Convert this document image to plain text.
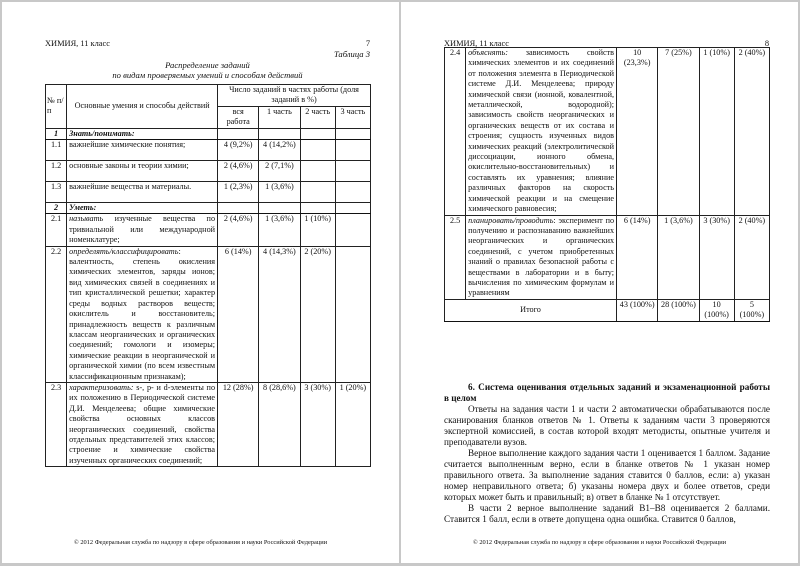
ХИМИЯ, 11 класс	7
Таблица 3
Распределение заданий
по видам проверяемых умений и способам действий
№ п/п	Основные умения и способы действий	Число заданий в частях работы (доля заданий в %)			
		вся работа	1 часть	2 часть	3 часть
1	Знать/понимать:				
1.1	важнейшие химические понятия;	4 (9,2%)	4 (14,2%)		
1.2	основные законы и теории химии;	2 (4,6%)	2 (7,1%)		
1.3	важнейшие вещества и материалы.	1 (2,3%)	1 (3,6%)		
2	Уметь:				
2.1	называть изученные вещества по тривиальной или международной номенклатуре;	2 (4,6%)	1 (3,6%)	1 (10%)	
2.2	определять/классифицировать: валентность, степень окисления химических элементов, заряды ионов; вид химических связей в соединениях и тип кристаллической решетки; характер среды водных растворов веществ; окислитель и восстановитель; принадлежность веществ к различным классам неорганических и органических соединений; гомологи и изомеры; химические реакции в неорганической и органической химии (по всем известным классификационным признакам);	6 (14%)	4 (14,3%)	2 (20%)	
2.3	характеризовать: s-, p- и d-элементы по их положению в Периодической системе Д.И. Менделеева; общие химические свойства основных классов неорганических соединений, свойства отдельных представителей этих классов; строение и химические свойства изученных органических соединений;	12 (28%)	8 (28,6%)	3 (30%)	1 (20%)
© 2012 Федеральная служба по надзору в сфере образования и науки Российской Федерации
ХИМИЯ, 11 класс	8
2.4	объяснять: зависимость свойств химических элементов и их соединений от положения элемента в Периодической системе Д.И. Менделеева; природу химической связи (ионной, ковалентной, металлической, водородной); зависимость свойств неорганических и органических веществ от их состава и строения; сущность изученных видов химических реакций (электролитической диссоциации, ионного обмена, окислительно-восстановительных) и составлять их уравнения; влияние различных факторов на скорость химической реакции и на смещение химического равновесия;	10 (23,3%)	7 (25%)	1 (10%)	2 (40%)
2.5	планировать/проводить: эксперимент по получению и распознаванию важнейших неорганических и органических соединений, с учетом приобретенных знаний о правилах безопасной работы с веществами в лаборатории и в быту; вычисления по химическим формулам и уравнениям	6 (14%)	1 (3,6%)	3 (30%)	2 (40%)
Итого		43 (100%)	28 (100%)	10 (100%)	5 (100%)
6. Система оценивания отдельных заданий и экзаменационной работы в целом

Ответы на задания части 1 и части 2 автоматически обрабатываются после сканирования бланков ответов № 1. Ответы к заданиям части 3 проверяются экспертной комиссией, в состав которой входят методисты, опытные учителя и преподаватели вузов.

Верное выполнение каждого задания части 1 оценивается 1 баллом. Задание считается выполненным верно, если в бланке ответов № 1 указан номер правильного ответа. За выполнение задания ставится 0 баллов, если: а) указан номер неправильного ответа; б) указаны номера двух и более ответов, среди которых может быть и правильный; в) ответ в бланке № 1 отсутствует.

В части 2 верное выполнение заданий В1–В8 оценивается 2 баллами. Ставится 1 балл, если в ответе допущена одна ошибка. Ставится 0 баллов,

© 2012 Федеральная служба по надзору в сфере образования и науки Российской Федерации
